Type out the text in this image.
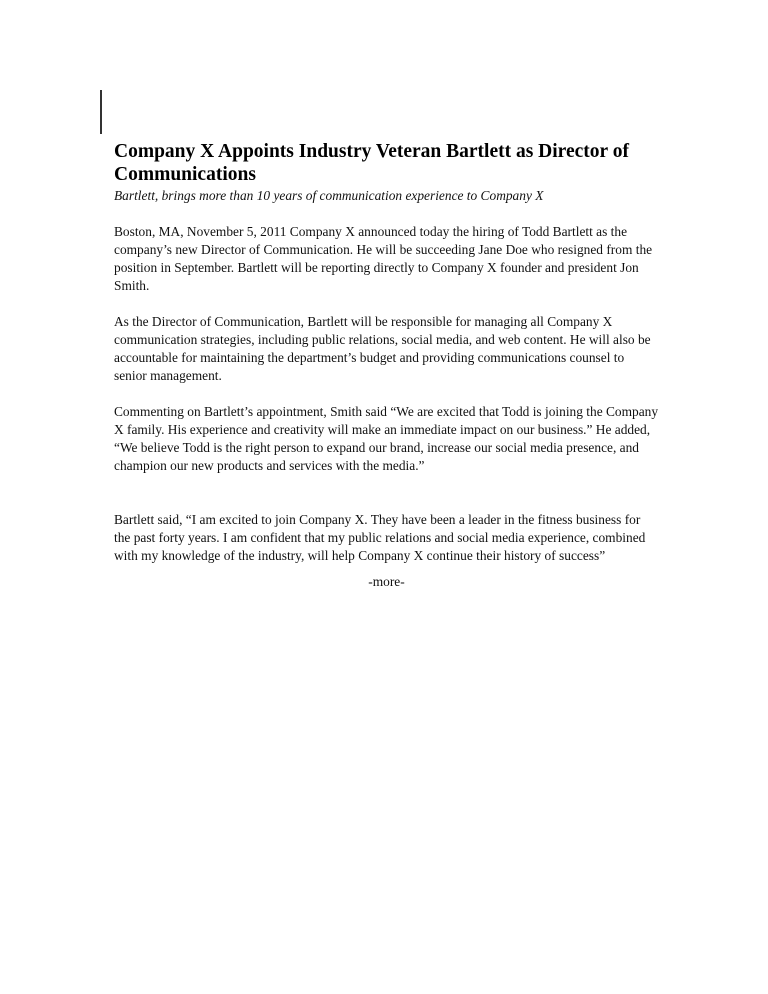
Company X Appoints Industry Veteran Bartlett as Director of Communications

Bartlett, brings more than 10 years of communication experience to Company X

Boston, MA, November 5, 2011 Company X announced today the hiring of Todd Bartlett as the company’s new Director of Communication. He will be succeeding Jane Doe who resigned from the position in September. Bartlett will be reporting directly to Company X founder and president Jon Smith.

As the Director of Communication, Bartlett will be responsible for managing all Company X communication strategies, including public relations, social media, and web content. He will also be accountable for maintaining the department’s budget and providing communications counsel to senior management.

Commenting on Bartlett’s appointment, Smith said “We are excited that Todd is joining the Company X family. His experience and creativity will make an immediate impact on our business.” He added, “We believe Todd is the right person to expand our brand, increase our social media presence, and champion our new products and services with the media.”

Bartlett said, “I am excited to join Company X. They have been a leader in the fitness business for the past forty years. I am confident that my public relations and social media experience, combined with my knowledge of the industry, will help Company X continue their history of success”

-more-
